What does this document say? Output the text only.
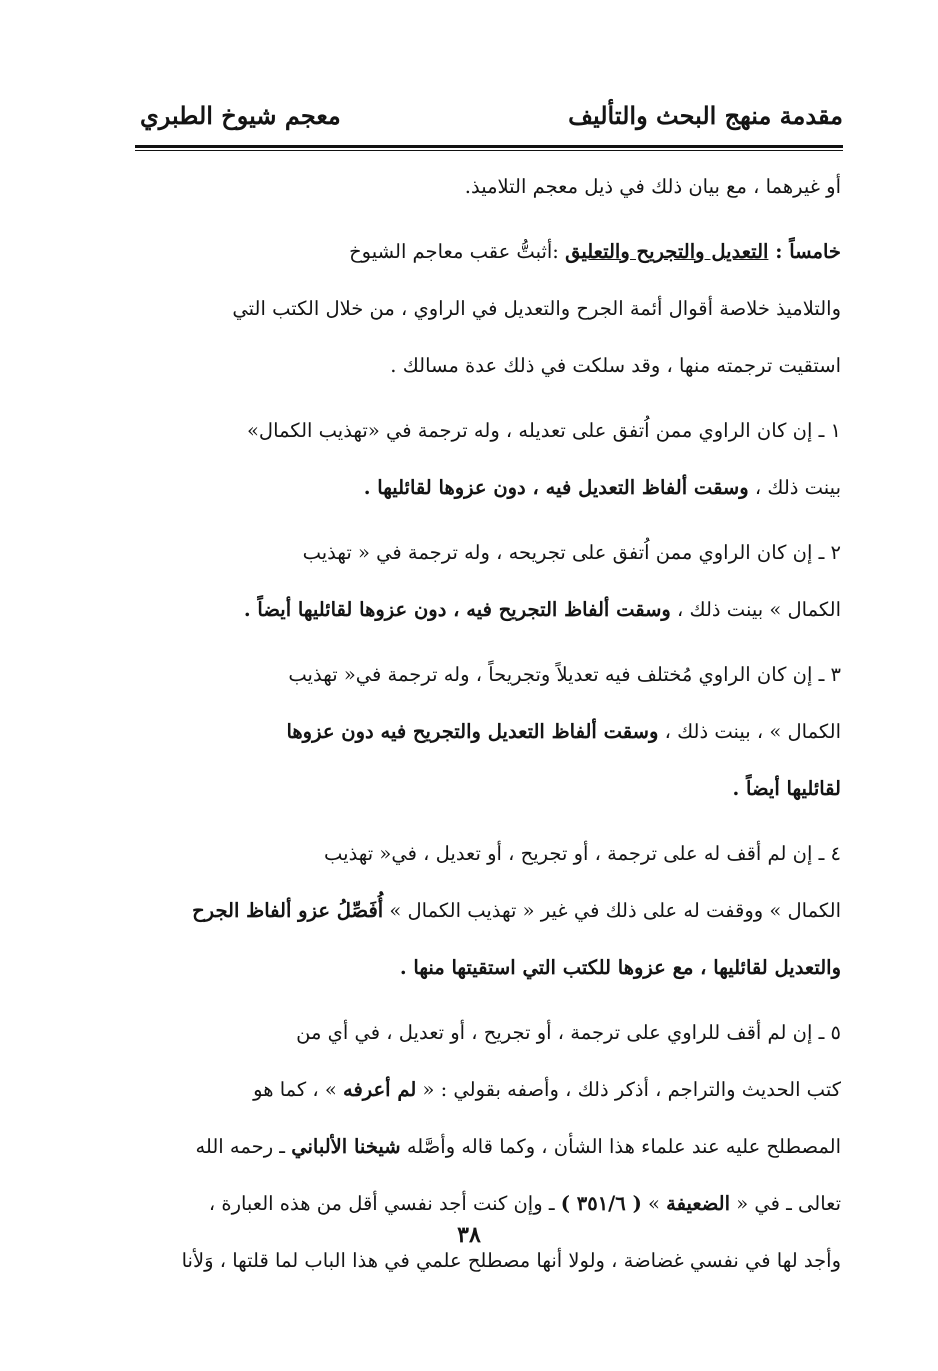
مقدمة منهج البحث والتأليف
معجم شيوخ الطبري
أو غيرهما ، مع بيان ذلك في ذيل معجم التلاميذ.
خامساً : التعديل والتجريح والتعليق :أثبتُّ عقب معاجم الشيوخ
والتلاميذ خلاصة أقوال أئمة الجرح والتعديل في الراوي ، من خلال الكتب التي
استقيت ترجمته منها ، وقد سلكت في ذلك عدة مسالك .
١ ـ إن كان الراوي ممن اُتفق على تعديله ، وله ترجمة في «تهذيب الكمال»
بينت ذلك ، وسقت ألفاظ التعديل فيه ، دون عزوها لقائليها .
٢ ـ إن كان الراوي ممن اُتفق على تجريحه ، وله ترجمة في « تهذيب
الكمال » بينت ذلك ، وسقت ألفاظ التجريح فيه ، دون عزوها لقائليها أيضاً .
٣ ـ إن كان الراوي مُختلف فيه تعديلاً وتجريحاً ، وله ترجمة في« تهذيب
الكمال » ، بينت ذلك ، وسقت ألفاظ التعديل والتجريح فيه دون عزوها
لقائليها أيضاً .
٤ ـ إن لم أقف له على ترجمة ، أو تجريح ، أو تعديل ، في« تهذيب
الكمال » ووقفت له على ذلك في غير « تهذيب الكمال » أُفَصِّلُ عزو ألفاظ الجرح
والتعديل لقائليها ، مع عزوها للكتب التي استقيتها منها .
٥ ـ إن لم أقف للراوي على ترجمة ، أو تجريح ، أو تعديل ، في أي من
كتب الحديث والتراجم ، أذكر ذلك ، وأصفه بقولي : « لم أعرفه » ، كما هو
المصطلح عليه عند علماء هذا الشأن ، وكما قاله وأصَّله شيخنا الألباني ـ رحمه الله
تعالى ـ في « الضعيفة » ( ٣٥١/٦ ) ـ وإن كنت أجد نفسي أقل من هذه العبارة ،
وأجد لها في نفسي غضاضة ، ولولا أنها مصطلح علمي في هذا الباب لما قلتها ، وَلأنا
٣٨
